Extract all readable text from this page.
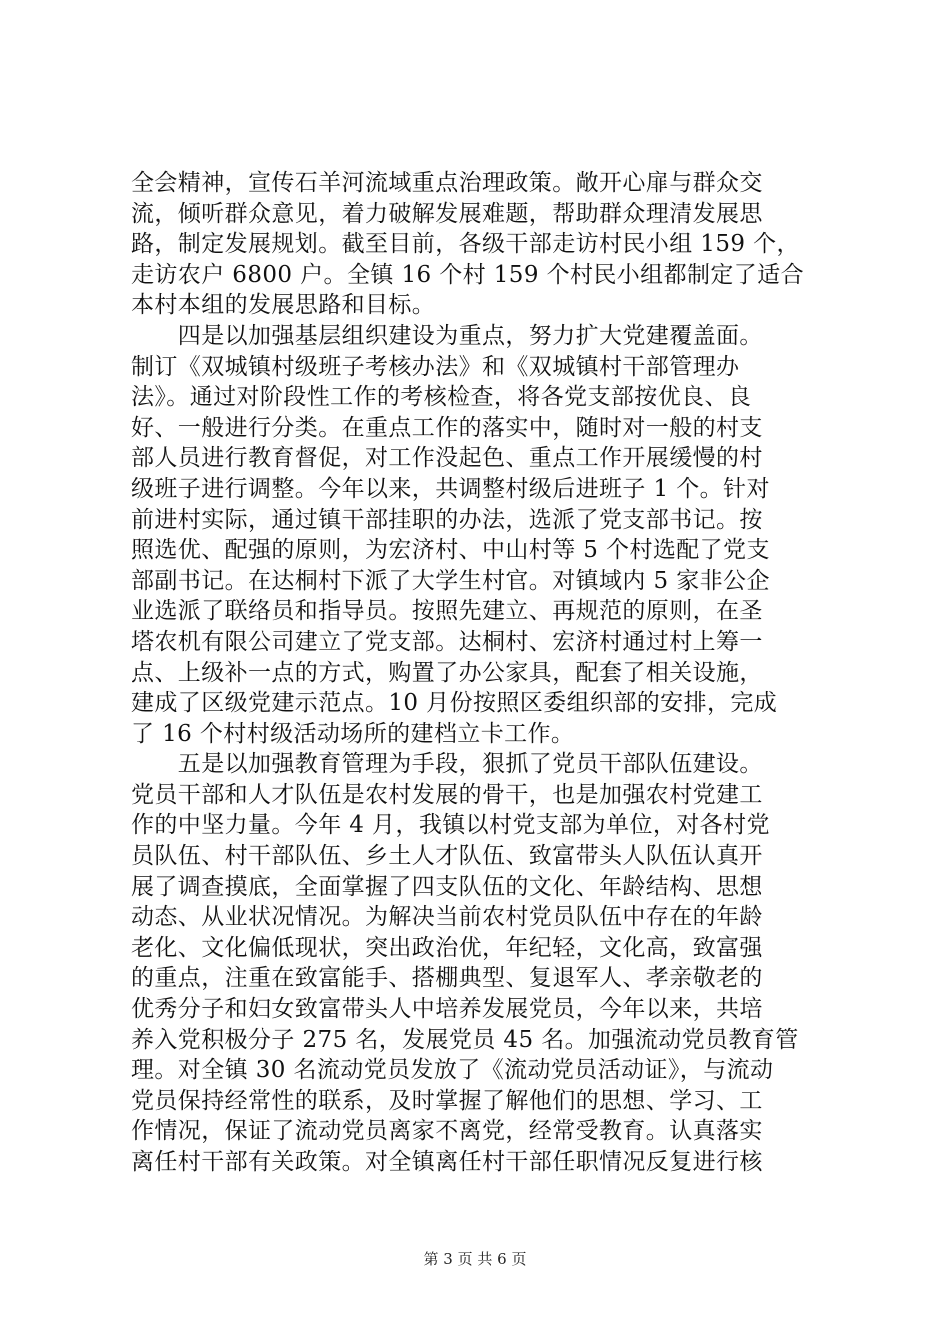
全会精神，宣传石羊河流域重点治理政策。敞开心扉与群众交
流，倾听群众意见，着力破解发展难题，帮助群众理清发展思
路，制定发展规划。截至目前，各级干部走访村民小组 159 个，
走访农户 6800 户。全镇 16 个村 159 个村民小组都制定了适合
本村本组的发展思路和目标。
　　四是以加强基层组织建设为重点，努力扩大党建覆盖面。
制订《双城镇村级班子考核办法》和《双城镇村干部管理办
法》。通过对阶段性工作的考核检查，将各党支部按优良、良
好、一般进行分类。在重点工作的落实中，随时对一般的村支
部人员进行教育督促，对工作没起色、重点工作开展缓慢的村
级班子进行调整。今年以来，共调整村级后进班子 1 个。针对
前进村实际，通过镇干部挂职的办法，选派了党支部书记。按
照选优、配强的原则，为宏济村、中山村等 5 个村选配了党支
部副书记。在达桐村下派了大学生村官。对镇域内 5 家非公企
业选派了联络员和指导员。按照先建立、再规范的原则，在圣
塔农机有限公司建立了党支部。达桐村、宏济村通过村上筹一
点、上级补一点的方式，购置了办公家具，配套了相关设施，
建成了区级党建示范点。10 月份按照区委组织部的安排，完成
了 16 个村村级活动场所的建档立卡工作。
　　五是以加强教育管理为手段，狠抓了党员干部队伍建设。
党员干部和人才队伍是农村发展的骨干，也是加强农村党建工
作的中坚力量。今年 4 月，我镇以村党支部为单位，对各村党
员队伍、村干部队伍、乡土人才队伍、致富带头人队伍认真开
展了调查摸底，全面掌握了四支队伍的文化、年龄结构、思想
动态、从业状况情况。为解决当前农村党员队伍中存在的年龄
老化、文化偏低现状，突出政治优，年纪轻，文化高，致富强
的重点，注重在致富能手、搭棚典型、复退军人、孝亲敬老的
优秀分子和妇女致富带头人中培养发展党员，今年以来，共培
养入党积极分子 275 名，发展党员 45 名。加强流动党员教育管
理。对全镇 30 名流动党员发放了《流动党员活动证》，与流动
党员保持经常性的联系，及时掌握了解他们的思想、学习、工
作情况，保证了流动党员离家不离党，经常受教育。认真落实
离任村干部有关政策。对全镇离任村干部任职情况反复进行核
第 3 页 共 6 页
